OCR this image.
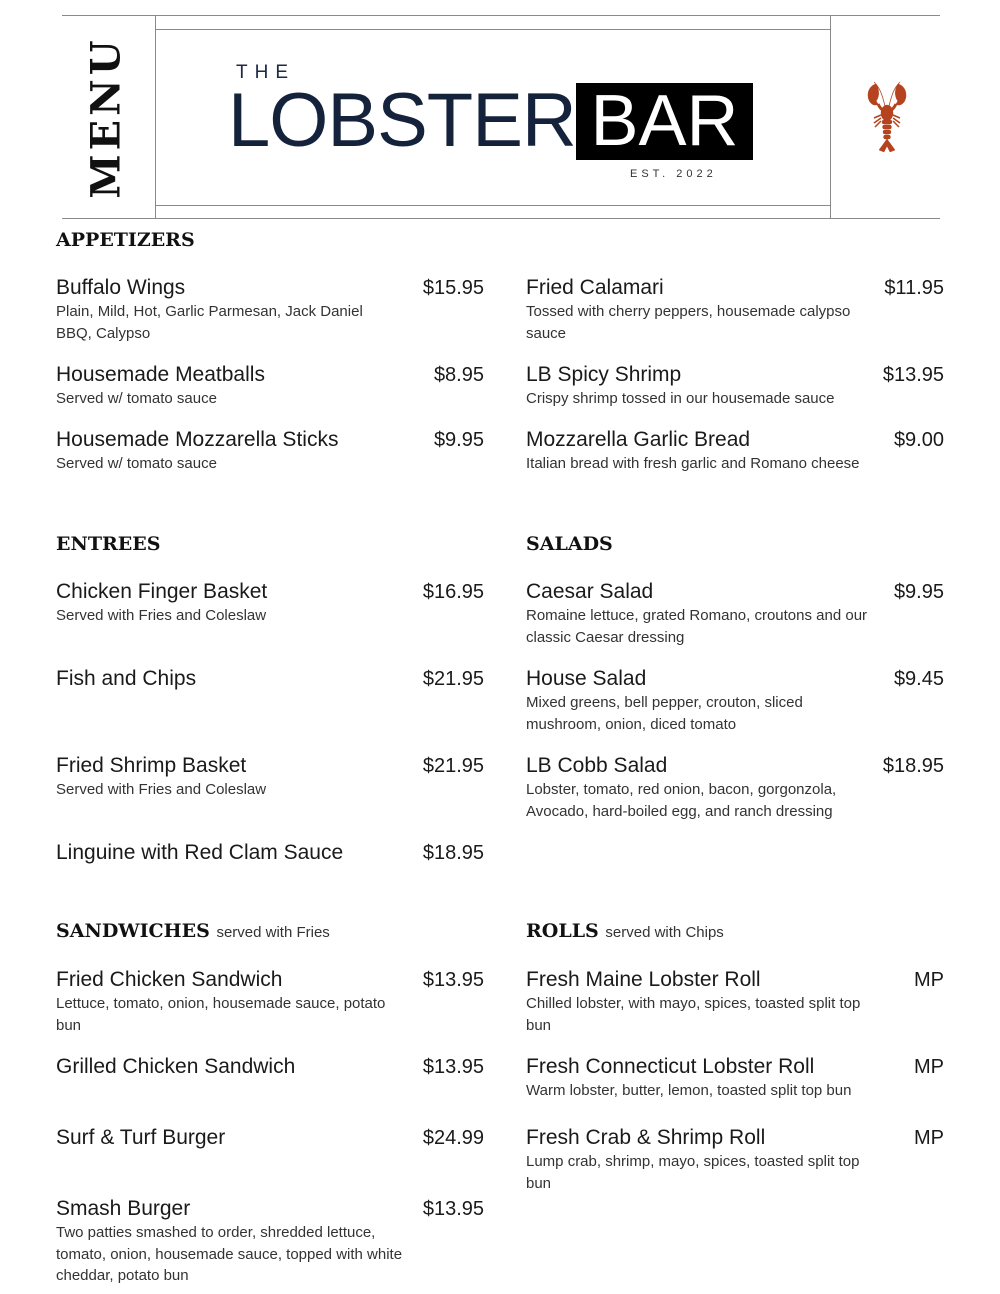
MENU	THE
LOBSTER BAR
EST. 2022
APPETIZERS
Buffalo Wings	$15.95
Plain, Mild, Hot, Garlic Parmesan, Jack Daniel BBQ, Calypso
Fried Calamari	$11.95
Tossed with cherry peppers, housemade calypso sauce
Housemade Meatballs	$8.95
Served w/ tomato sauce
LB Spicy Shrimp	$13.95
Crispy shrimp tossed in our housemade sauce
Housemade Mozzarella Sticks	$9.95
Served w/ tomato sauce
Mozzarella Garlic Bread	$9.00
Italian bread with fresh garlic and Romano cheese
ENTREES
Chicken Finger Basket	$16.95
Served with Fries and Coleslaw
Fish and Chips	$21.95
Fried Shrimp Basket	$21.95
Served with Fries and Coleslaw
Linguine with Red Clam Sauce	$18.95
SALADS
Caesar Salad	$9.95
Romaine lettuce, grated Romano, croutons and our classic Caesar dressing
House Salad	$9.45
Mixed greens, bell pepper, crouton, sliced mushroom, onion, diced tomato
LB Cobb Salad	$18.95
Lobster, tomato, red onion, bacon, gorgonzola, Avocado, hard-boiled egg, and ranch dressing
SANDWICHES served with Fries
Fried Chicken Sandwich	$13.95
Lettuce, tomato, onion, housemade sauce, potato bun
Grilled Chicken Sandwich	$13.95
Surf & Turf Burger	$24.99
Smash Burger	$13.95
Two patties smashed to order, shredded lettuce, tomato, onion, housemade sauce, topped with white cheddar, potato bun
ROLLS served with Chips
Fresh Maine Lobster Roll	MP
Chilled lobster, with mayo, spices, toasted split top bun
Fresh Connecticut Lobster Roll	MP
Warm lobster, butter, lemon, toasted split top bun
Fresh Crab & Shrimp Roll	MP
Lump crab, shrimp, mayo, spices, toasted split top bun
